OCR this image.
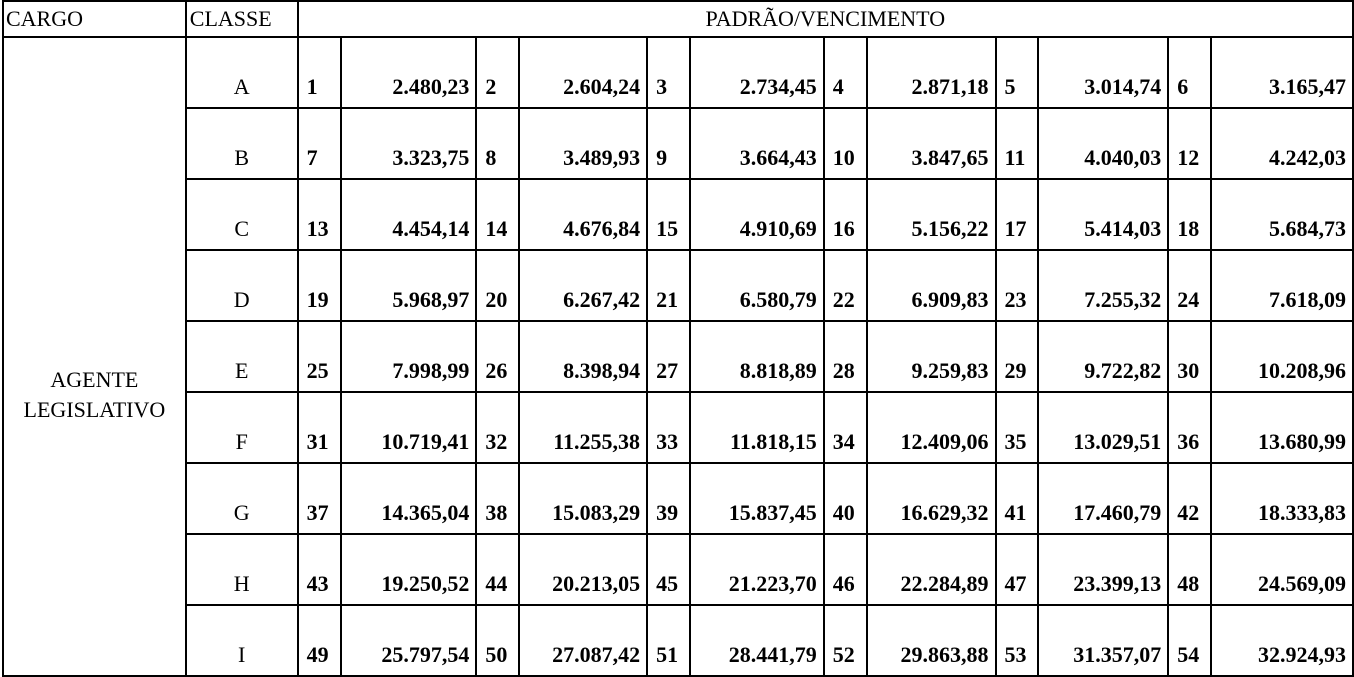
CARGO	CLASSE	PADRÃO/VENCIMENTO											

AGENTE
LEGISLATIVO	A	1	2.480,23	2	2.604,24	3	2.734,45	4	2.871,18	5	3.014,74	6	3.165,47
	B	7	3.323,75	8	3.489,93	9	3.664,43	10	3.847,65	11	4.040,03	12	4.242,03
	C	13	4.454,14	14	4.676,84	15	4.910,69	16	5.156,22	17	5.414,03	18	5.684,73
	D	19	5.968,97	20	6.267,42	21	6.580,79	22	6.909,83	23	7.255,32	24	7.618,09
	E	25	7.998,99	26	8.398,94	27	8.818,89	28	9.259,83	29	9.722,82	30	10.208,96
	F	31	10.719,41	32	11.255,38	33	11.818,15	34	12.409,06	35	13.029,51	36	13.680,99
	G	37	14.365,04	38	15.083,29	39	15.837,45	40	16.629,32	41	17.460,79	42	18.333,83
	H	43	19.250,52	44	20.213,05	45	21.223,70	46	22.284,89	47	23.399,13	48	24.569,09
	I	49	25.797,54	50	27.087,42	51	28.441,79	52	29.863,88	53	31.357,07	54	32.924,93
